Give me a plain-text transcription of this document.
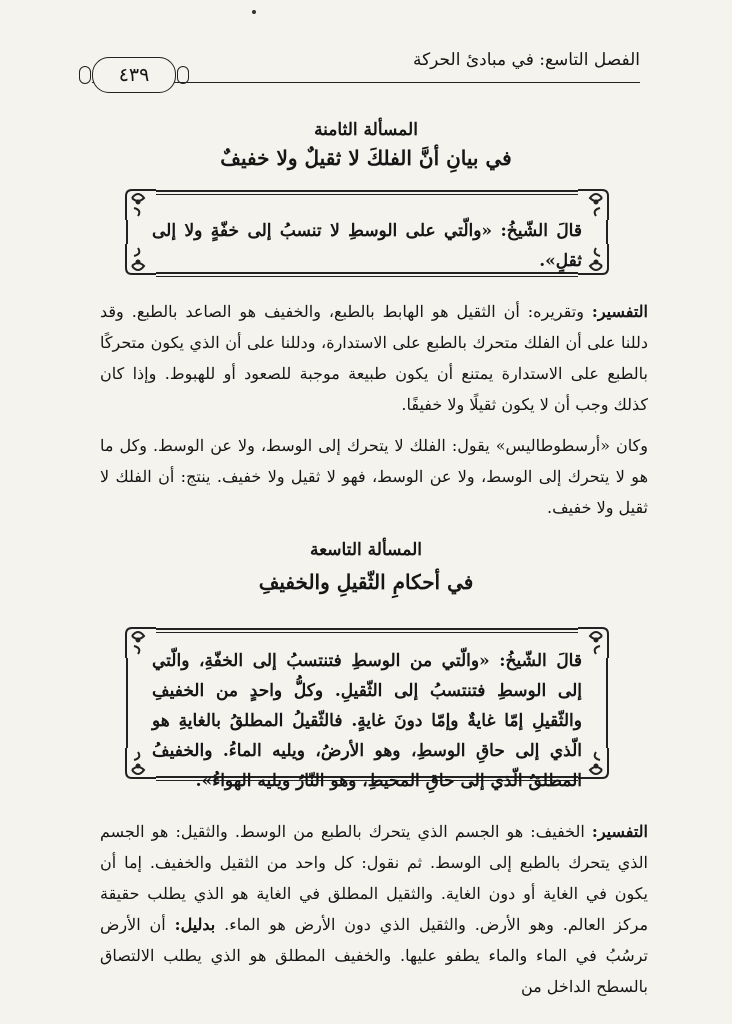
الفصل التاسع: في مبادئ الحركة
٤٣٩
المسألة الثامنة
في بيانِ أنَّ الفلكَ لا ثقيلٌ ولا خفيفٌ
قالَ الشّيخُ: «والّتي على الوسطِ لا تنسبُ إلى خفّةٍ ولا إلى ثقلٍ».
التفسير: وتقريره: أن الثقيل هو الهابط بالطبع، والخفيف هو الصاعد بالطبع. وقد دللنا على أن الفلك متحرك بالطبع على الاستدارة، ودللنا على أن الذي يكون متحركًا بالطبع على الاستدارة يمتنع أن يكون طبيعة موجبة للصعود أو للهبوط. وإذا كان كذلك وجب أن لا يكون ثقيلًا ولا خفيفًا.
وكان «أرسطوطاليس» يقول: الفلك لا يتحرك إلى الوسط، ولا عن الوسط. وكل ما هو لا يتحرك إلى الوسط، ولا عن الوسط، فهو لا ثقيل ولا خفيف. ينتج: أن الفلك لا ثقيل ولا خفيف.
المسألة التاسعة
في أحكامِ الثّقيلِ والخفيفِ
قالَ الشّيخُ: «والّتي من الوسطِ فتنتسبُ إلى الخفّةِ، والّتي إلى الوسطِ فتنتسبُ إلى الثّقيلِ. وكلُّ واحدٍ من الخفيفِ والثّقيلِ إمّا غايةٌ وإمّا دونَ غايةٍ. فالثّقيلُ المطلقُ بالغايةِ هو الّذي إلى حاقِ الوسطِ، وهو الأرضُ، ويليه الماءُ. والخفيفُ المطلقُ الّذي إلى حاقِ المحيطِ، وهو النّارُ ويليه الهواءُ».
التفسير: الخفيف: هو الجسم الذي يتحرك بالطبع من الوسط. والثقيل: هو الجسم الذي يتحرك بالطبع إلى الوسط. ثم نقول: كل واحد من الثقيل والخفيف. إما أن يكون في الغاية أو دون الغاية. والثقيل المطلق في الغاية هو الذي يطلب حقيقة مركز العالم. وهو الأرض. والثقيل الذي دون الأرض هو الماء. بدليل: أن الأرض ترسُبُ في الماء والماء يطفو عليها. والخفيف المطلق هو الذي يطلب الالتصاق بالسطح الداخل من
